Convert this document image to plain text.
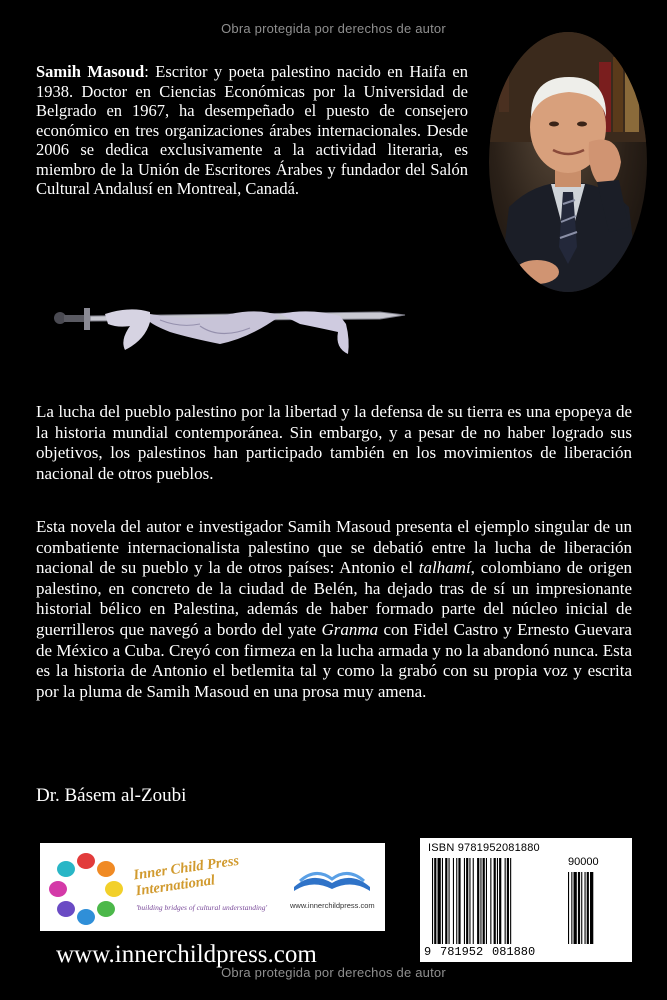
Obra protegida por derechos de autor
Samih Masoud: Escritor y poeta palestino nacido en Haifa en 1938. Doctor en Ciencias Económicas por la Universidad de Belgrado en 1967, ha desempeñado el puesto de consejero económico en tres organizaciones árabes internacionales. Desde 2006 se dedica exclusivamente a la actividad literaria, es miembro de la Unión de Escritores Árabes y fundador del Salón Cultural Andalusí en Montreal, Canadá.
La lucha del pueblo palestino por la libertad y la defensa de su tierra es una epopeya de la historia mundial contemporánea. Sin embargo, y a pesar de no haber logrado sus objetivos, los palestinos han participado también en los movimientos de liberación nacional de otros pueblos.
Esta novela del autor e investigador Samih Masoud presenta el ejemplo singular de un combatiente internacionalista palestino que se debatió entre la lucha de liberación nacional de su pueblo y la de otros países: Antonio el talhamí, colombiano de origen palestino, en concreto de la ciudad de Belén, ha dejado tras de sí un impresionante historial bélico en Palestina, además de haber formado parte del núcleo inicial de guerrilleros que navegó a bordo del yate Granma con Fidel Castro y Ernesto Guevara de México a Cuba. Creyó con firmeza en la lucha armada y no la abandonó nunca. Esta es la historia de Antonio el betlemita tal y como la grabó con su propia voz y escrita por la pluma de Samih Masoud en una prosa muy amena.
Dr. Básem al-Zoubi
Inner Child Press International
'building bridges of cultural understanding'	www.innerchildpress.com
ISBN 9781952081880
90000
9 781952 081880
www.innerchildpress.com
Obra protegida por derechos de autor
